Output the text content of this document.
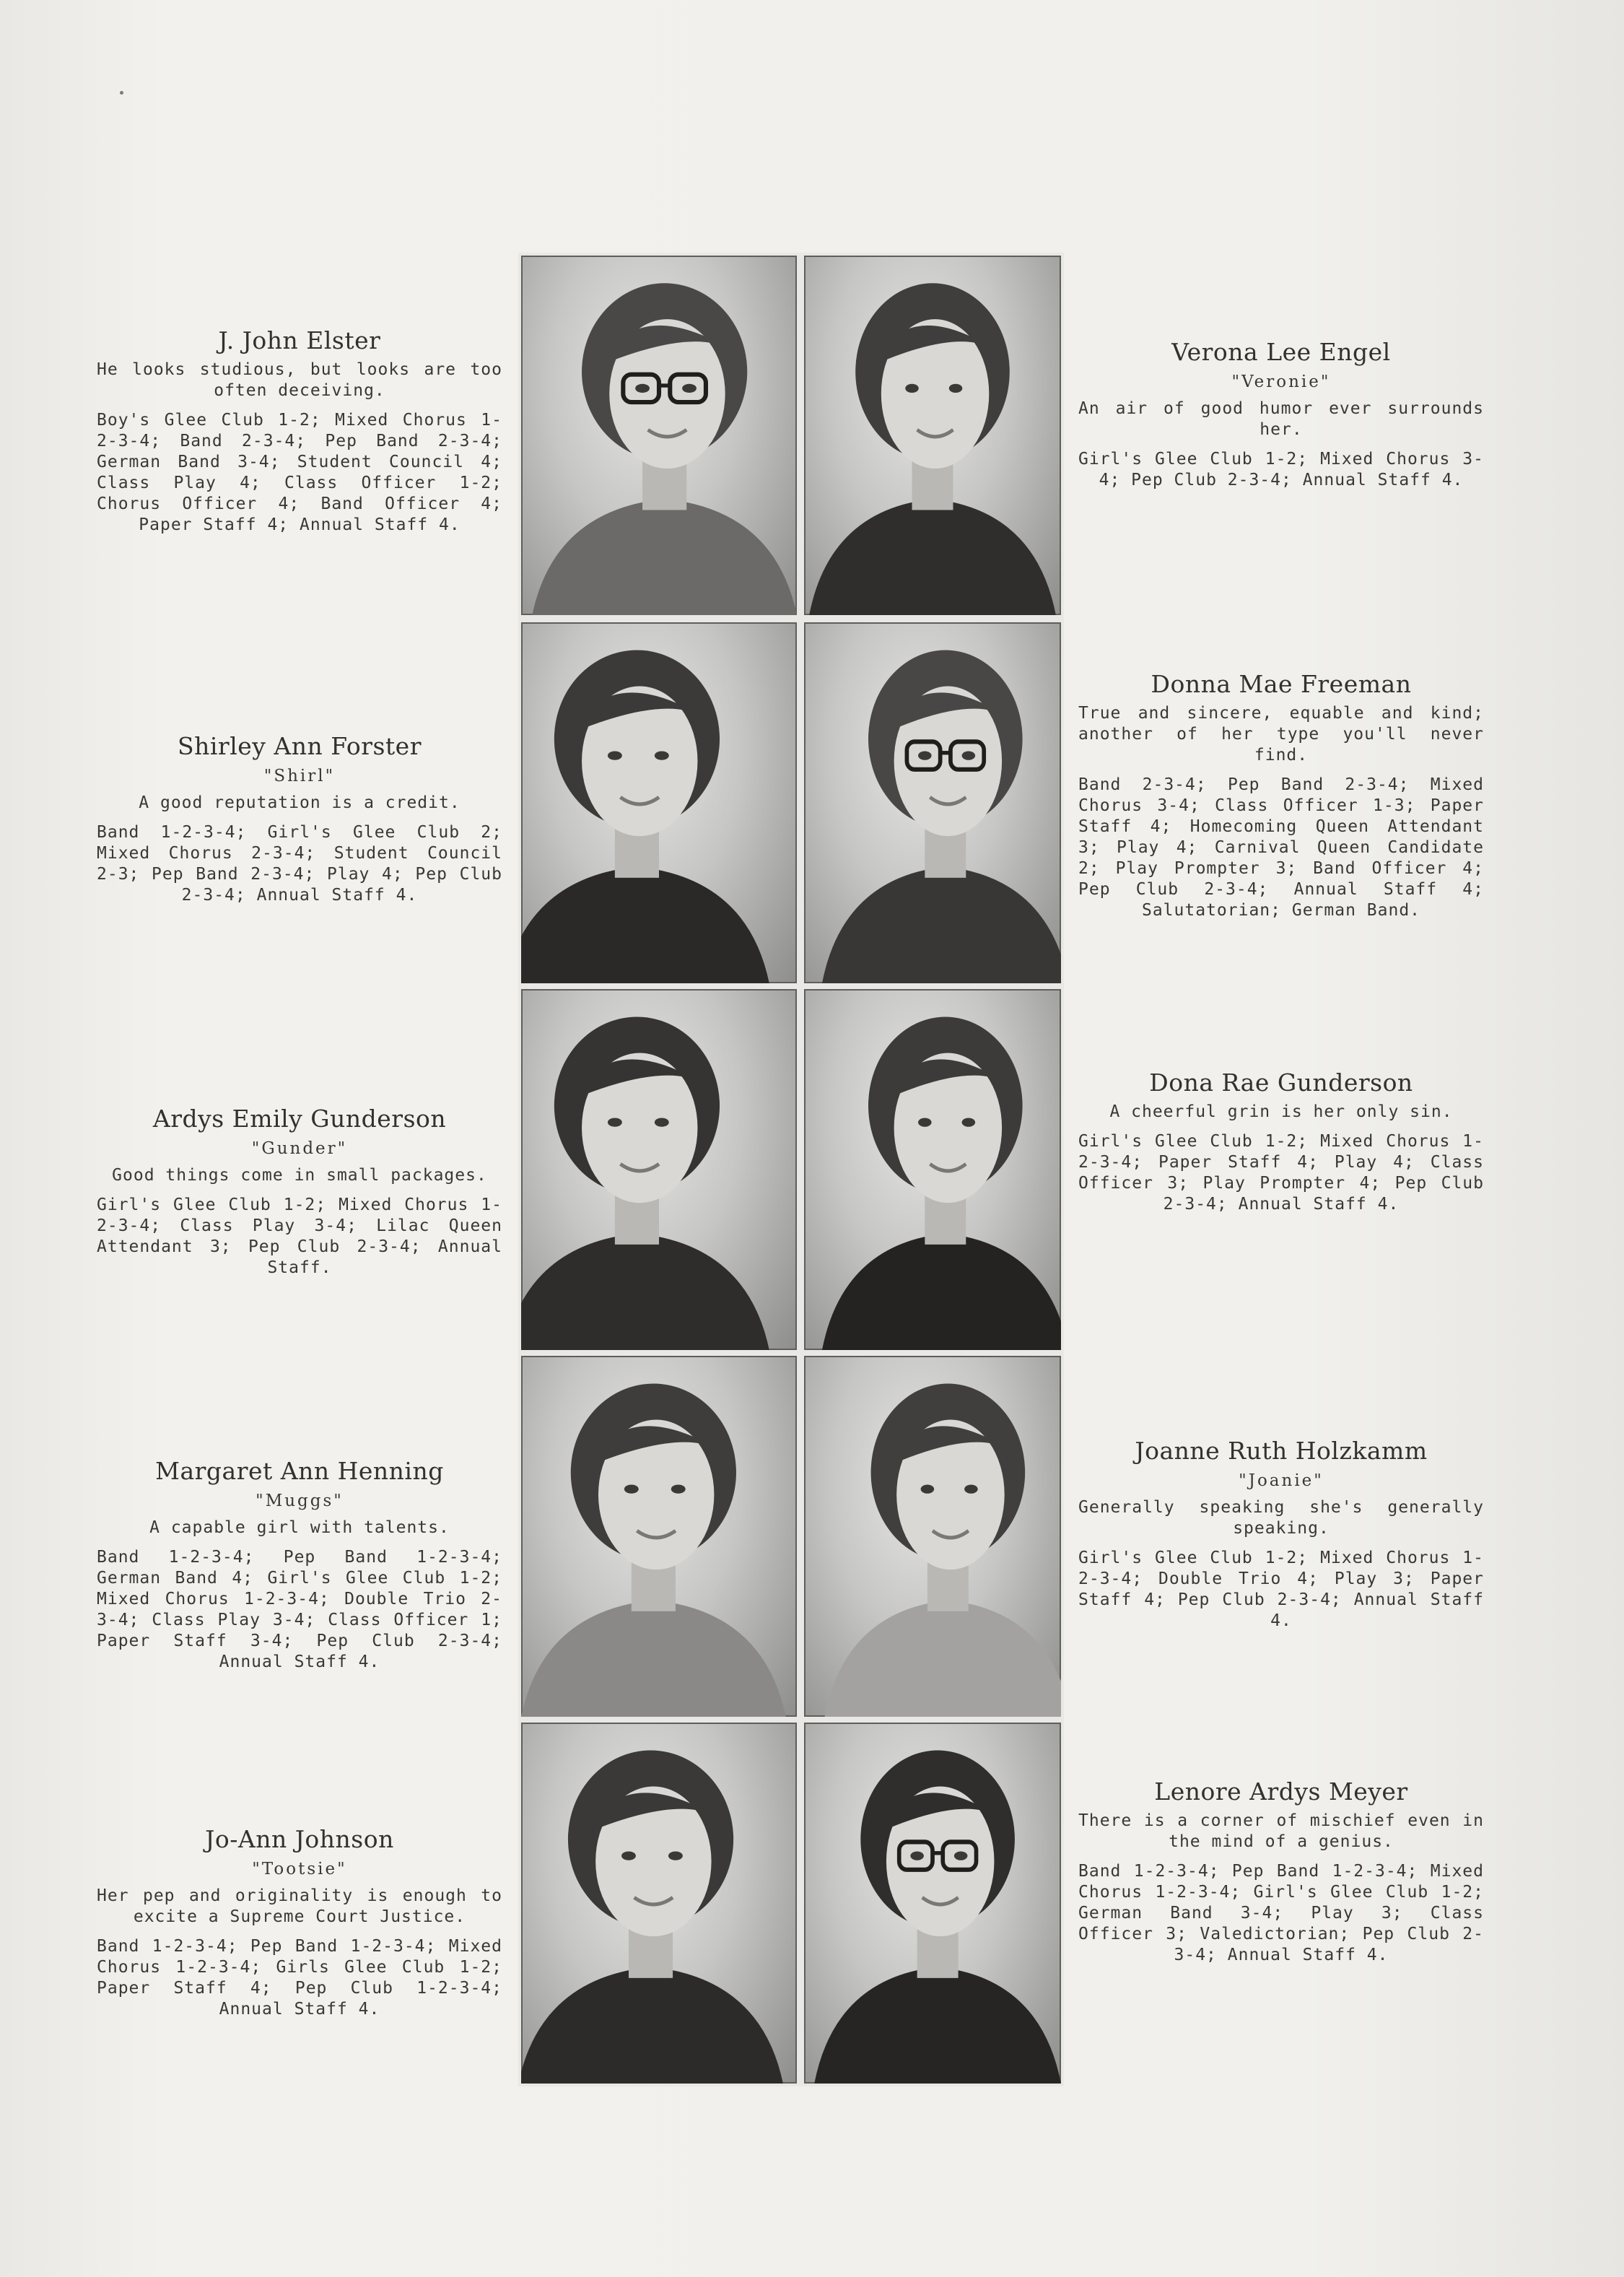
J. John Elster
He looks studious, but looks are too often deceiving.
Boy's Glee Club 1-2; Mixed Chorus 1-2-3-4; Band 2-3-4; Pep Band 2-3-4; German Band 3-4; Student Council 4; Class Play 4; Class Officer 1-2; Chorus Officer 4; Band Officer 4; Paper Staff 4; Annual Staff 4.
Verona Lee Engel
"Veronie"
An air of good humor ever surrounds her.
Girl's Glee Club 1-2; Mixed Chorus 3-4; Pep Club 2-3-4; Annual Staff 4.
Shirley Ann Forster
"Shirl"
A good reputation is a credit.
Band 1-2-3-4; Girl's Glee Club 2; Mixed Chorus 2-3-4; Student Council 2-3; Pep Band 2-3-4; Play 4; Pep Club 2-3-4; Annual Staff 4.
Donna Mae Freeman
True and sincere, equable and kind; another of her type you'll never find.
Band 2-3-4; Pep Band 2-3-4; Mixed Chorus 3-4; Class Officer 1-3; Paper Staff 4; Homecoming Queen Attendant 3; Play 4; Carnival Queen Candidate 2; Play Prompter 3; Band Officer 4; Pep Club 2-3-4; Annual Staff 4; Salutatorian; German Band.
Ardys Emily Gunderson
"Gunder"
Good things come in small packages.
Girl's Glee Club 1-2; Mixed Chorus 1-2-3-4; Class Play 3-4; Lilac Queen Attendant 3; Pep Club 2-3-4; Annual Staff.
Dona Rae Gunderson
A cheerful grin is her only sin.
Girl's Glee Club 1-2; Mixed Chorus 1-2-3-4; Paper Staff 4; Play 4; Class Officer 3; Play Prompter 4; Pep Club 2-3-4; Annual Staff 4.
Margaret Ann Henning
"Muggs"
A capable girl with talents.
Band 1-2-3-4; Pep Band 1-2-3-4; German Band 4; Girl's Glee Club 1-2; Mixed Chorus 1-2-3-4; Double Trio 2-3-4; Class Play 3-4; Class Officer 1; Paper Staff 3-4; Pep Club 2-3-4; Annual Staff 4.
Joanne Ruth Holzkamm
"Joanie"
Generally speaking she's generally speaking.
Girl's Glee Club 1-2; Mixed Chorus 1-2-3-4; Double Trio 4; Play 3; Paper Staff 4; Pep Club 2-3-4; Annual Staff 4.
Jo-Ann Johnson
"Tootsie"
Her pep and originality is enough to excite a Supreme Court Justice.
Band 1-2-3-4; Pep Band 1-2-3-4; Mixed Chorus 1-2-3-4; Girls Glee Club 1-2; Paper Staff 4; Pep Club 1-2-3-4; Annual Staff 4.
Lenore Ardys Meyer
There is a corner of mischief even in the mind of a genius.
Band 1-2-3-4; Pep Band 1-2-3-4; Mixed Chorus 1-2-3-4; Girl's Glee Club 1-2; German Band 3-4; Play 3; Class Officer 3; Valedictorian; Pep Club 2-3-4; Annual Staff 4.
